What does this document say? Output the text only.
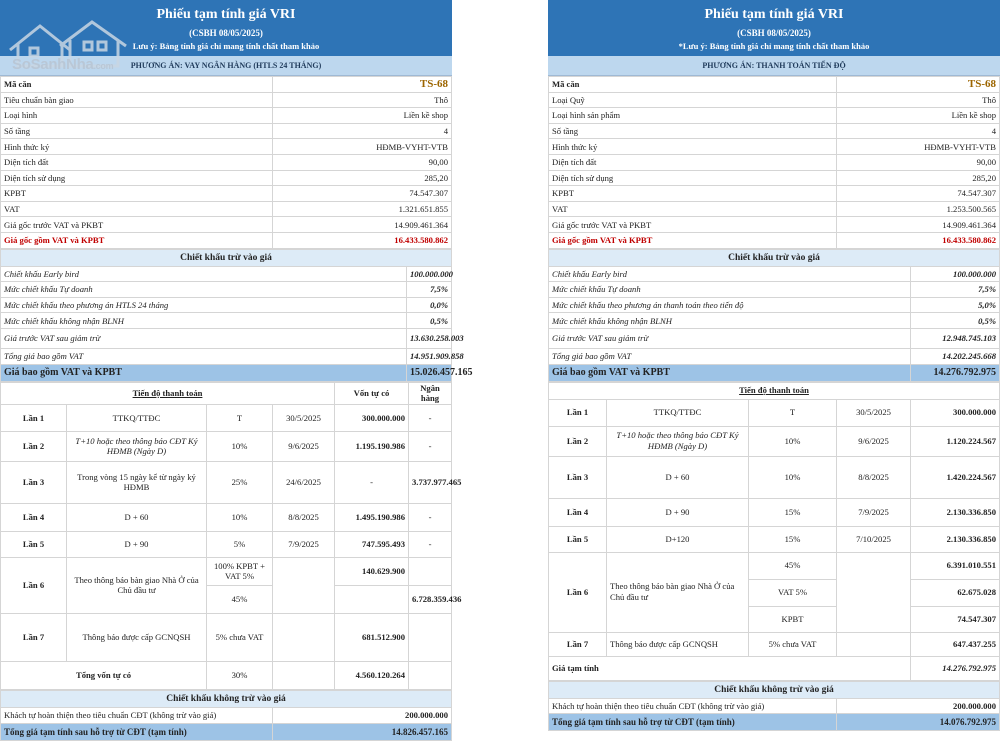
Phiếu tạm tính giá VRI
(CSBH 08/05/2025)
Lưu ý: Bảng tính giá chỉ mang tính chất tham khảo
PHƯƠNG ÁN: VAY NGÂN HÀNG (HTLS 24 THÁNG)
Mã căn	TS-68
Tiêu chuẩn bàn giao	Thô
Loại hình	Liền kề shop
Số tầng	4
Hình thức ký	HĐMB-VYHT-VTB
Diện tích đất	90,00
Diện tích sử dụng	285,20
KPBT	74.547.307
VAT	1.321.651.855
Giá gốc trước VAT và PKBT	14.909.461.364
Giá gốc gồm VAT và KPBT	16.433.580.862
Chiết khấu trừ vào giá	
Chiết khấu Early bird	100.000.000
Mức chiết khấu Tự doanh	7,5%
Mức chiết khấu theo phương án HTLS 24 tháng	0,0%
Mức chiết khấu không nhận BLNH	0,5%
Giá trước VAT sau giảm trừ	13.630.258.003
Tổng giá bao gồm VAT	14.951.909.858
Giá bao gồm VAT và KPBT	15.026.457.165
Tiến độ thanh toán				Vốn tự có	Ngân hàng
Lần 1	TTKQ/TTĐC	T	30/5/2025	300.000.000	-
Lần 2	T+10 hoặc theo thông báo CĐT Ký HĐMB (Ngày D)	10%	9/6/2025	1.195.190.986	-
Lần 3	Trong vòng 15 ngày kể từ ngày ký HĐMB	25%	24/6/2025	-	3.737.977.465
Lần 4	D + 60	10%	8/8/2025	1.495.190.986	-
Lần 5	D + 90	5%	7/9/2025	747.595.493	-
Lần 6	Theo thông báo bàn giao Nhà Ở của Chủ đầu tư	100% KPBT + VAT 5%		140.629.900	
		45%			6.728.359.436
Lần 7	Thông báo được cấp GCNQSH	5% chưa VAT		681.512.900	
Tổng vốn tự có		30%		4.560.120.264	
Chiết khấu không trừ vào giá	
Khách tự hoàn thiện theo tiêu chuẩn CĐT (không trừ vào giá)	200.000.000
Tổng giá tạm tính sau hỗ trợ từ CĐT (tạm tính)	14.826.457.165
SoSanhNha.com
Phiếu tạm tính giá VRI
(CSBH 08/05/2025)
*Lưu ý: Bảng tính giá chỉ mang tính chất tham khảo
PHƯƠNG ÁN: THANH TOÁN TIẾN ĐỘ
Mã căn	TS-68
Loại Quỹ	Thô
Loại hình sản phẩm	Liền kề shop
Số tầng	4
Hình thức ký	HĐMB-VYHT-VTB
Diện tích đất	90,00
Diện tích sử dụng	285,20
KPBT	74.547.307
VAT	1.253.500.565
Giá gốc trước VAT và PKBT	14.909.461.364
Giá gốc gồm VAT và KPBT	16.433.580.862
Chiết khấu trừ vào giá	
Chiết khấu Early bird	100.000.000
Mức chiết khấu Tự doanh	7,5%
Mức chiết khấu theo phương án thanh toán theo tiến độ	5,0%
Mức chiết khấu không nhận BLNH	0,5%
Giá trước VAT sau giảm trừ	12.948.745.103
Tổng giá bao gồm VAT	14.202.245.668
Giá bao gồm VAT và KPBT	14.276.792.975
Tiến độ thanh toán				
Lần 1	TTKQ/TTĐC	T	30/5/2025	300.000.000
Lần 2	T+10 hoặc theo thông báo CĐT Ký HĐMB (Ngày D)	10%	9/6/2025	1.120.224.567
Lần 3	D + 60	10%	8/8/2025	1.420.224.567
Lần 4	D + 90	15%	7/9/2025	2.130.336.850
Lần 5	D+120	15%	7/10/2025	2.130.336.850
Lần 6	Theo thông báo bàn giao Nhà Ở của Chủ đầu tư	45%		6.391.010.551
		VAT 5%		62.675.028
		KPBT		74.547.307
Lần 7	Thông báo được cấp GCNQSH	5% chưa VAT		647.437.255
Giá tạm tính				14.276.792.975
Chiết khấu không trừ vào giá	
Khách tự hoàn thiện theo tiêu chuẩn CĐT (không trừ vào giá)	200.000.000
Tổng giá tạm tính sau hỗ trợ từ CĐT (tạm tính)	14.076.792.975
